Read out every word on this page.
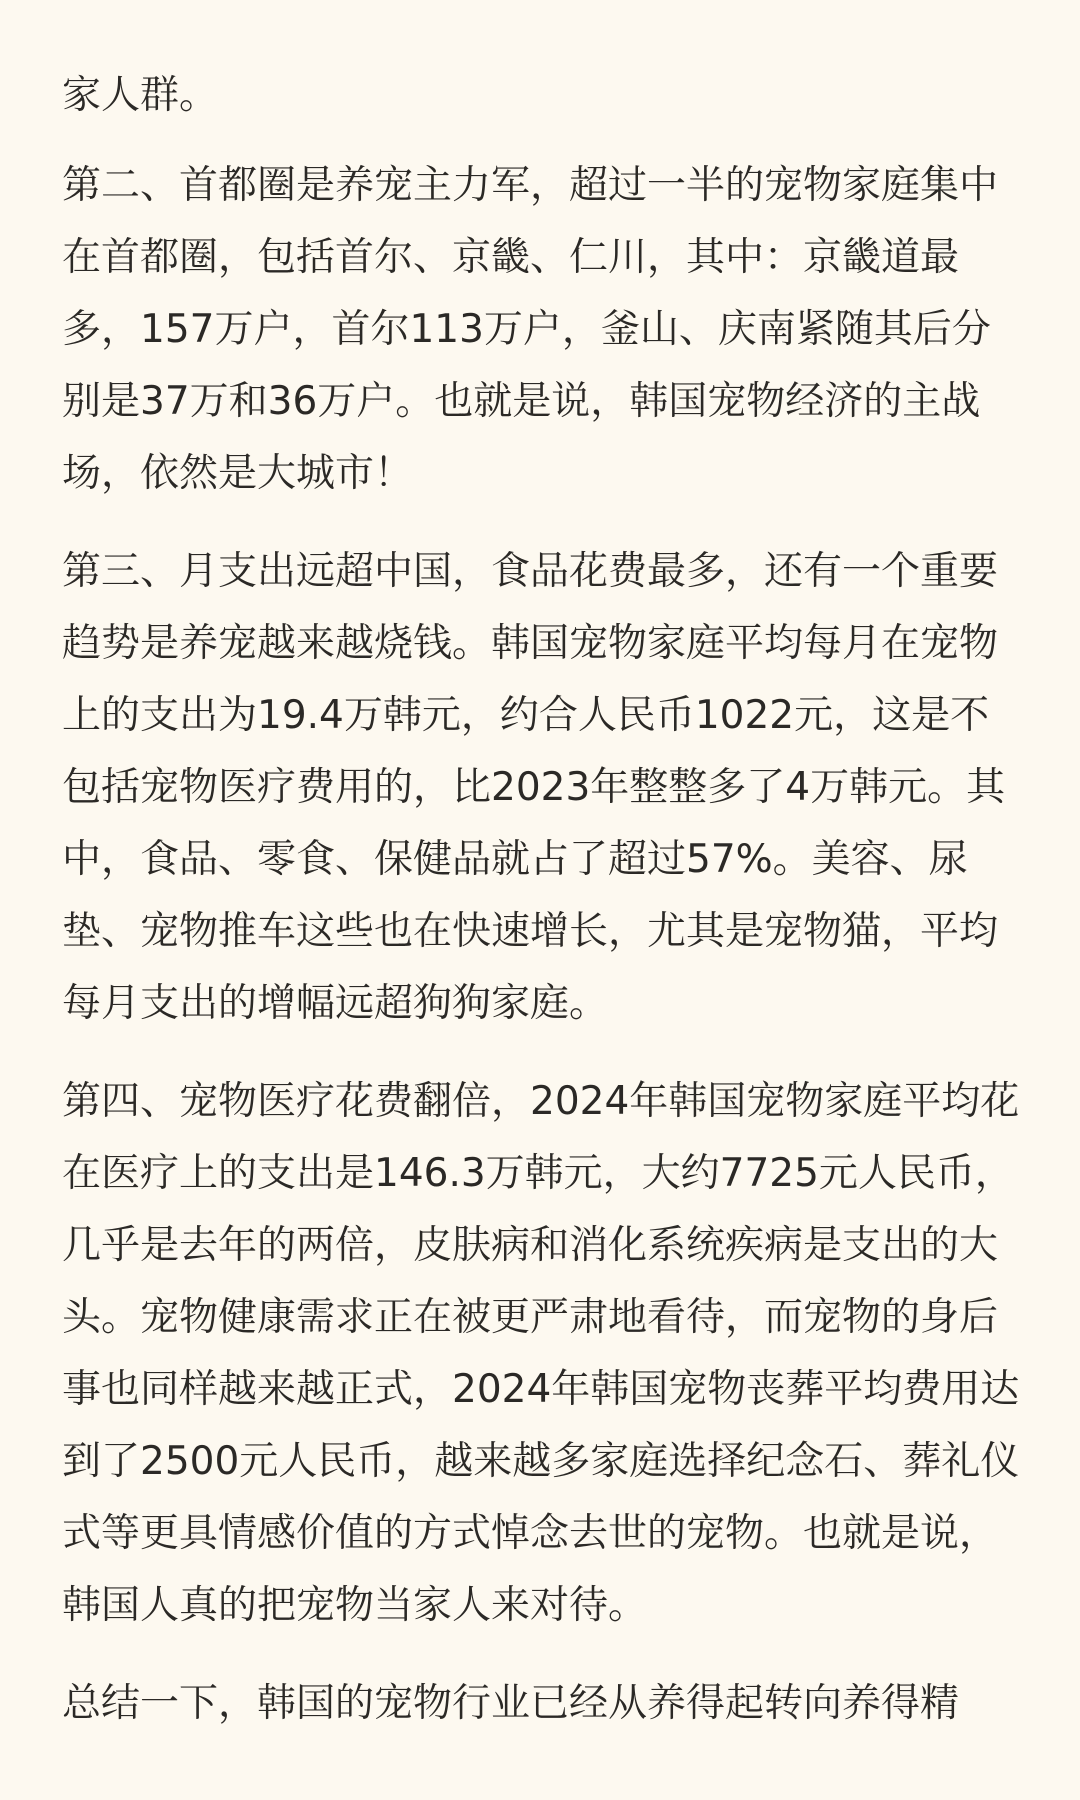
家人群。

第二、首都圈是养宠主力军，超过一半的宠物家庭集中在首都圈，包括首尔、京畿、仁川，其中：京畿道最多，157万户，首尔113万户，釜山、庆南紧随其后分别是37万和36万户。也就是说，韩国宠物经济的主战场，依然是大城市！

第三、月支出远超中国，食品花费最多，还有一个重要趋势是养宠越来越烧钱。韩国宠物家庭平均每月在宠物上的支出为19.4万韩元，约合人民币1022元，这是不包括宠物医疗费用的，比2023年整整多了4万韩元。其中，食品、零食、保健品就占了超过57%。美容、尿垫、宠物推车这些也在快速增长，尤其是宠物猫，平均每月支出的增幅远超狗狗家庭。

第四、宠物医疗花费翻倍，2024年韩国宠物家庭平均花在医疗上的支出是146.3万韩元，大约7725元人民币，几乎是去年的两倍，皮肤病和消化系统疾病是支出的大头。宠物健康需求正在被更严肃地看待，而宠物的身后事也同样越来越正式，2024年韩国宠物丧葬平均费用达到了2500元人民币，越来越多家庭选择纪念石、葬礼仪式等更具情感价值的方式悼念去世的宠物。也就是说，韩国人真的把宠物当家人来对待。

总结一下，韩国的宠物行业已经从养得起转向养得精
